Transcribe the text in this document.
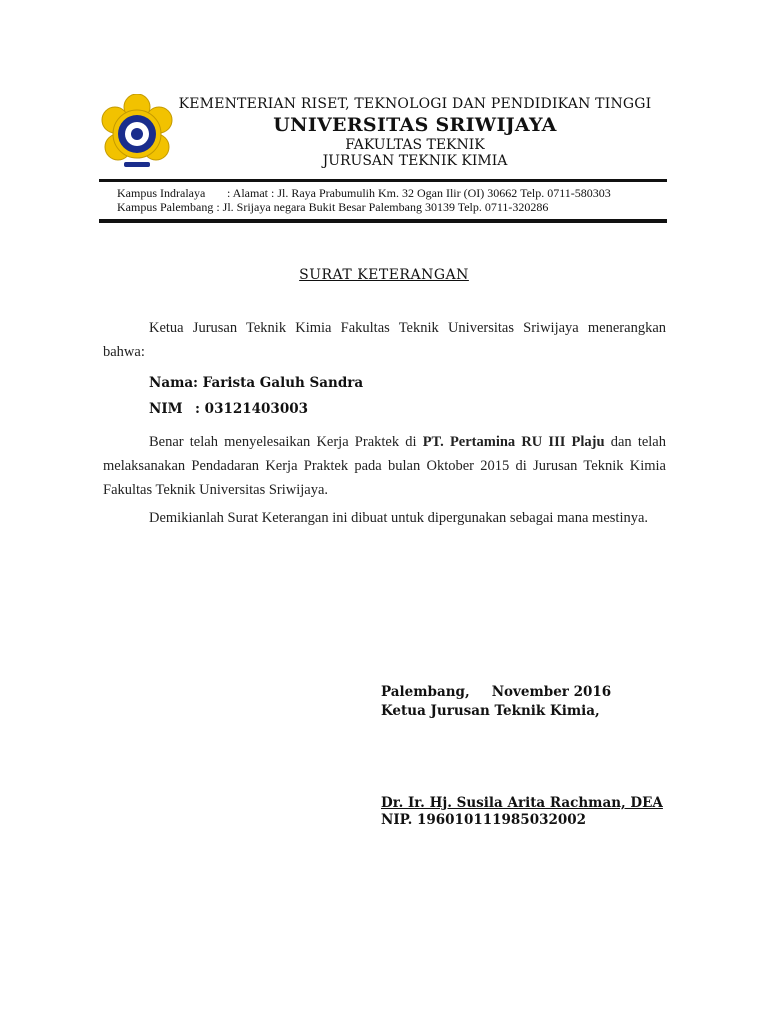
KEMENTERIAN RISET, TEKNOLOGI DAN PENDIDIKAN TINGGI
UNIVERSITAS SRIWIJAYA
FAKULTAS TEKNIK
JURUSAN TEKNIK KIMIA
Kampus Indralaya : Alamat : Jl. Raya Prabumulih Km. 32 Ogan Ilir (OI) 30662 Telp. 0711-580303
Kampus Palembang : Jl. Srijaya negara Bukit Besar Palembang 30139 Telp. 0711-320286
SURAT KETERANGAN
Ketua Jurusan Teknik Kimia Fakultas Teknik Universitas Sriwijaya menerangkan bahwa:
Nama: Farista Galuh Sandra
NIM : 03121403003
Benar telah menyelesaikan Kerja Praktek di PT. Pertamina RU III Plaju dan telah melaksanakan Pendadaran Kerja Praktek pada bulan Oktober 2015 di Jurusan Teknik Kimia Fakultas Teknik Universitas Sriwijaya.
Demikianlah Surat Keterangan ini dibuat untuk dipergunakan sebagai mana mestinya.
Palembang, November 2016
Ketua Jurusan Teknik Kimia,
Dr. Ir. Hj. Susila Arita Rachman, DEA
NIP. 196010111985032002
